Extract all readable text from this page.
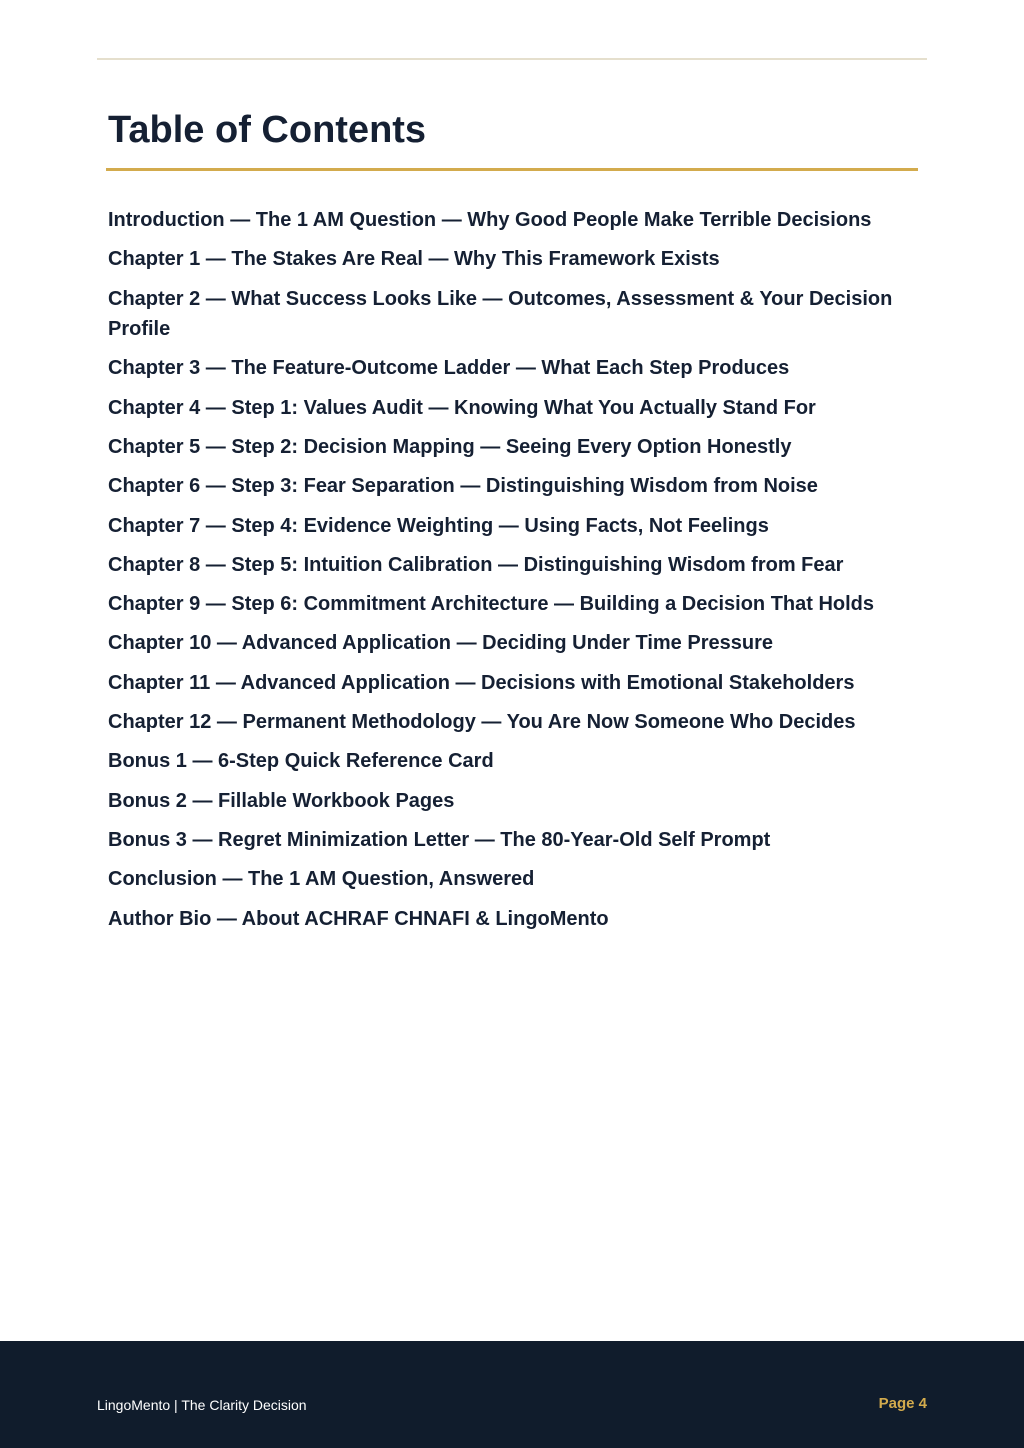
Table of Contents
Introduction — The 1 AM Question — Why Good People Make Terrible Decisions
Chapter 1 — The Stakes Are Real — Why This Framework Exists
Chapter 2 — What Success Looks Like — Outcomes, Assessment & Your Decision Profile
Chapter 3 — The Feature-Outcome Ladder — What Each Step Produces
Chapter 4 — Step 1: Values Audit — Knowing What You Actually Stand For
Chapter 5 — Step 2: Decision Mapping — Seeing Every Option Honestly
Chapter 6 — Step 3: Fear Separation — Distinguishing Wisdom from Noise
Chapter 7 — Step 4: Evidence Weighting — Using Facts, Not Feelings
Chapter 8 — Step 5: Intuition Calibration — Distinguishing Wisdom from Fear
Chapter 9 — Step 6: Commitment Architecture — Building a Decision That Holds
Chapter 10 — Advanced Application — Deciding Under Time Pressure
Chapter 11 — Advanced Application — Decisions with Emotional Stakeholders
Chapter 12 — Permanent Methodology — You Are Now Someone Who Decides
Bonus 1 — 6-Step Quick Reference Card
Bonus 2 — Fillable Workbook Pages
Bonus 3 — Regret Minimization Letter — The 80-Year-Old Self Prompt
Conclusion — The 1 AM Question, Answered
Author Bio — About ACHRAF CHNAFI & LingoMento
LingoMento | The Clarity Decision	Page 4
